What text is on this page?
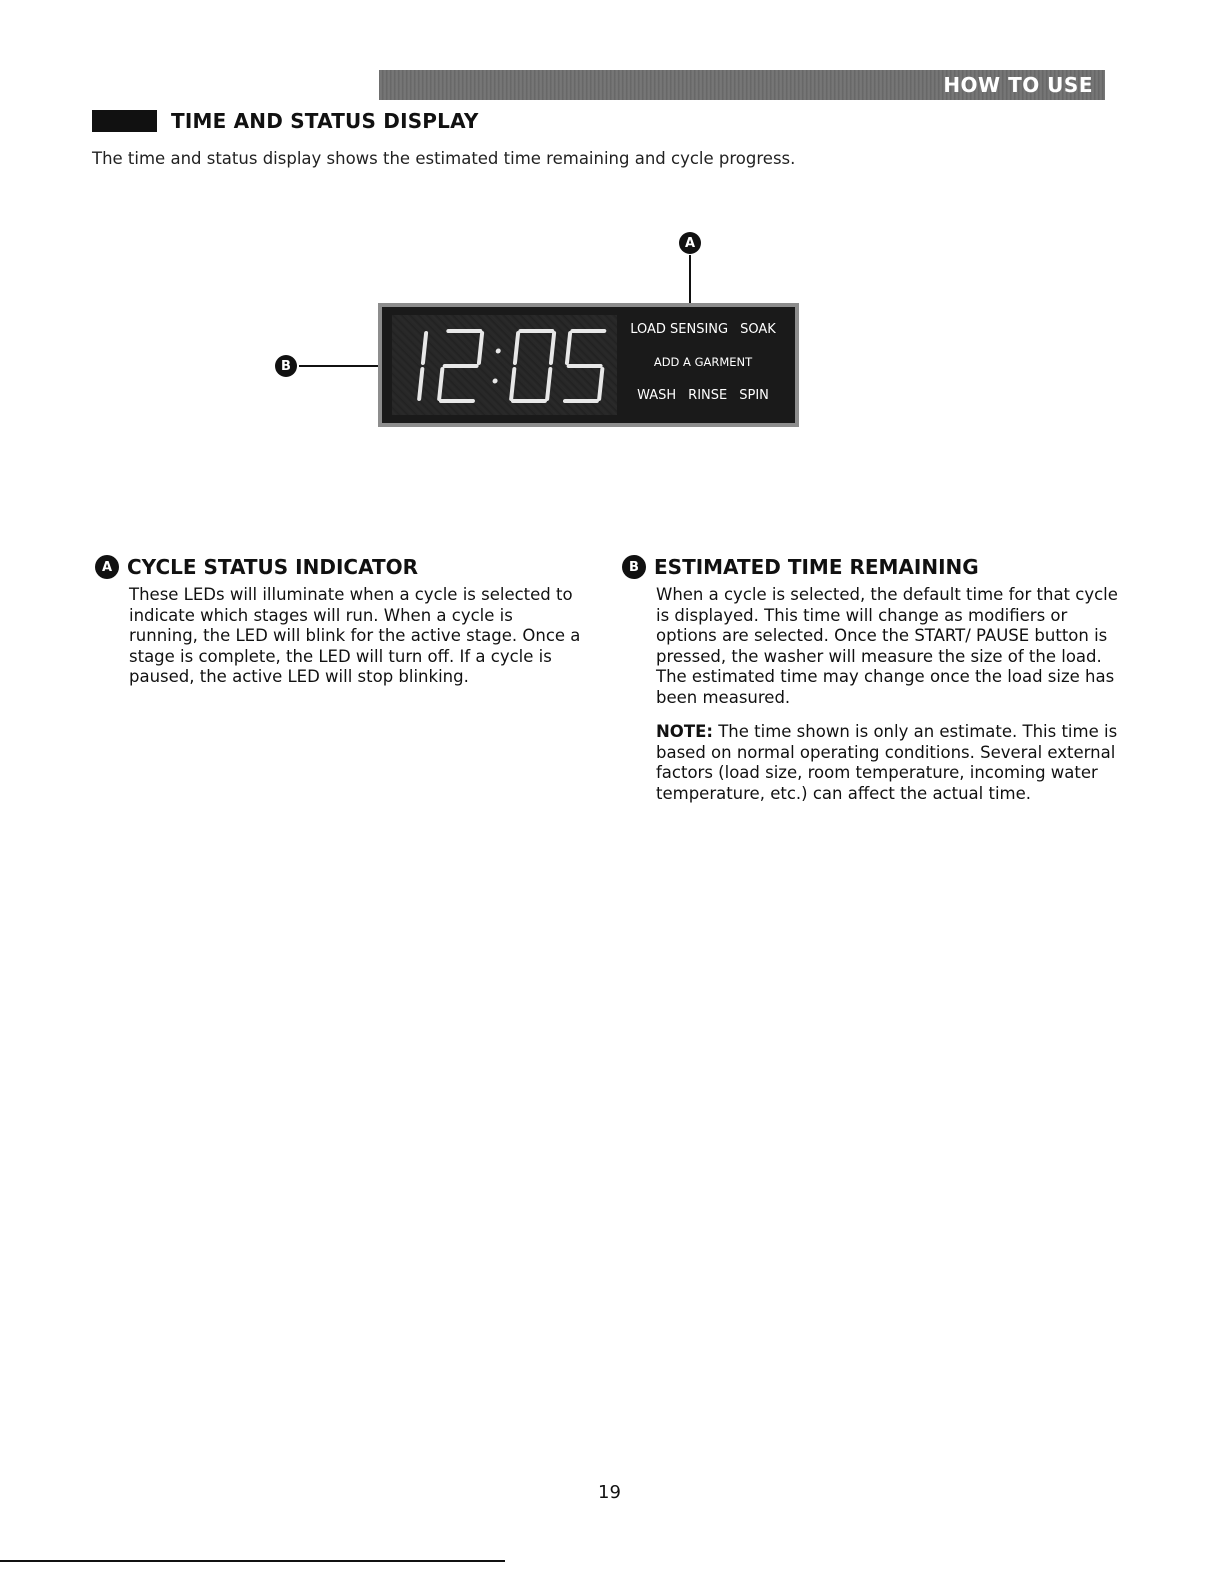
HOW TO USE
TIME AND STATUS DISPLAY
The time and status display shows the estimated time remaining and cycle progress.
A
B
LOAD SENSING SOAK
ADD A GARMENT
WASH RINSE SPIN
A CYCLE STATUS INDICATOR

These LEDs will illuminate when a cycle is selected to indicate which stages will run. When a cycle is running, the LED will blink for the active stage. Once a stage is complete, the LED will turn off. If a cycle is paused, the active LED will stop blinking.

B ESTIMATED TIME REMAINING

When a cycle is selected, the default time for that cycle is displayed. This time will change as modifiers or options are selected. Once the START/ PAUSE button is pressed, the washer will measure the size of the load. The estimated time may change once the load size has been measured.

NOTE: The time shown is only an estimate. This time is based on normal operating conditions. Several external factors (load size, room temperature, incoming water temperature, etc.) can affect the actual time.

19
